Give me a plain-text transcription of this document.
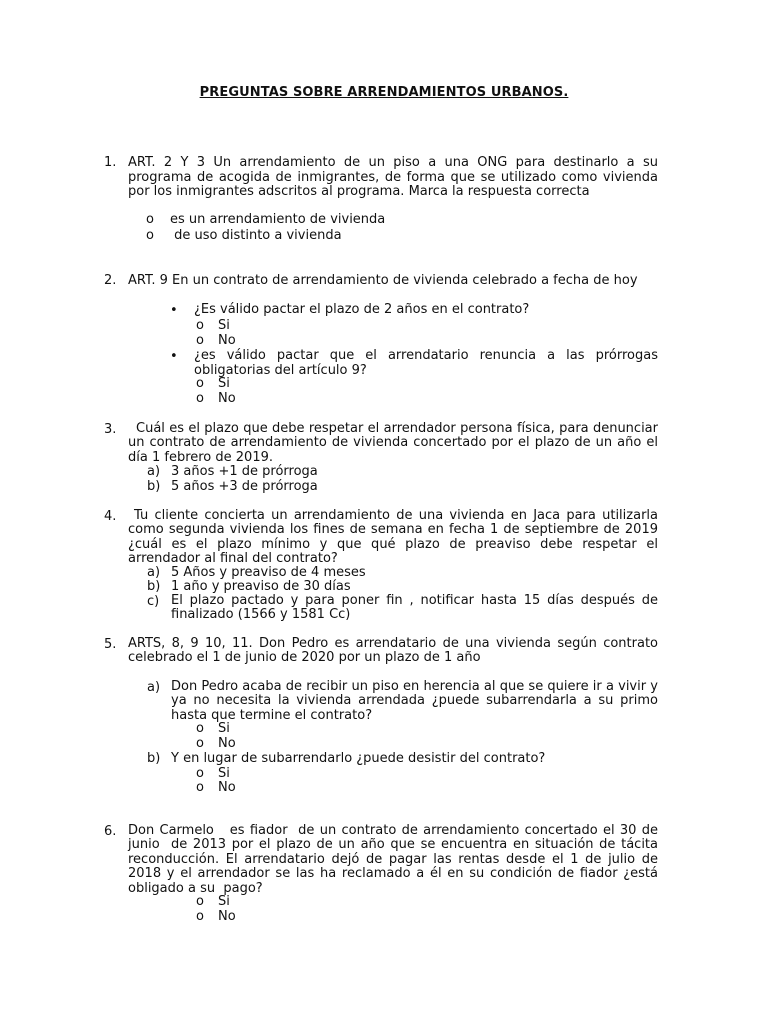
PREGUNTAS SOBRE ARRENDAMIENTOS URBANOS.
1. ART. 2 Y 3 Un arrendamiento de un piso a una ONG para destinarlo a su programa de acogida de inmigrantes, de forma que se utilizado como vivienda por los inmigrantes adscritos al programa. Marca la respuesta correcta
o es un arrendamiento de vivienda
o de uso distinto a vivienda
2. ART. 9 En un contrato de arrendamiento de vivienda celebrado a fecha de hoy
• ¿Es válido pactar el plazo de 2 años en el contrato?
o Si
o No
• ¿es válido pactar que el arrendatario renuncia a las prórrogas obligatorias del artículo 9?
o Si
o No
3.	Cuál es el plazo que debe respetar el arrendador persona física, para denunciar un contrato de arrendamiento de vivienda concertado por el plazo de un año el día 1 febrero de 2019.
a) 3 años +1 de prórroga
b) 5 años +3 de prórroga
4.	Tu cliente concierta un arrendamiento de una vivienda en Jaca para utilizarla como segunda vivienda los fines de semana en fecha 1 de septiembre de 2019 ¿cuál es el plazo mínimo y que qué plazo de preaviso debe respetar el arrendador al final del contrato?
a) 5 Años y preaviso de 4 meses
b) 1 año y preaviso de 30 días
c) El plazo pactado y para poner fin , notificar hasta 15 días después de finalizado (1566 y 1581 Cc)
5. ARTS, 8, 9 10, 11. Don Pedro es arrendatario de una vivienda según contrato celebrado el 1 de junio de 2020 por un plazo de 1 año
a) Don Pedro acaba de recibir un piso en herencia al que se quiere ir a vivir y ya no necesita la vivienda arrendada ¿puede subarrendarla a su primo hasta que termine el contrato?
o Si
o No
b) Y en lugar de subarrendarlo ¿puede desistir del contrato?
o Si
o No
6. Don Carmelo   es fiador  de un contrato de arrendamiento concertado el 30 de junio  de 2013 por el plazo de un año que se encuentra en situación de tácita reconducción. El arrendatario dejó de pagar las rentas desde el 1 de julio de 2018 y el arrendador se las ha reclamado a él en su condición de fiador ¿está obligado a su  pago?
o Si
o No
